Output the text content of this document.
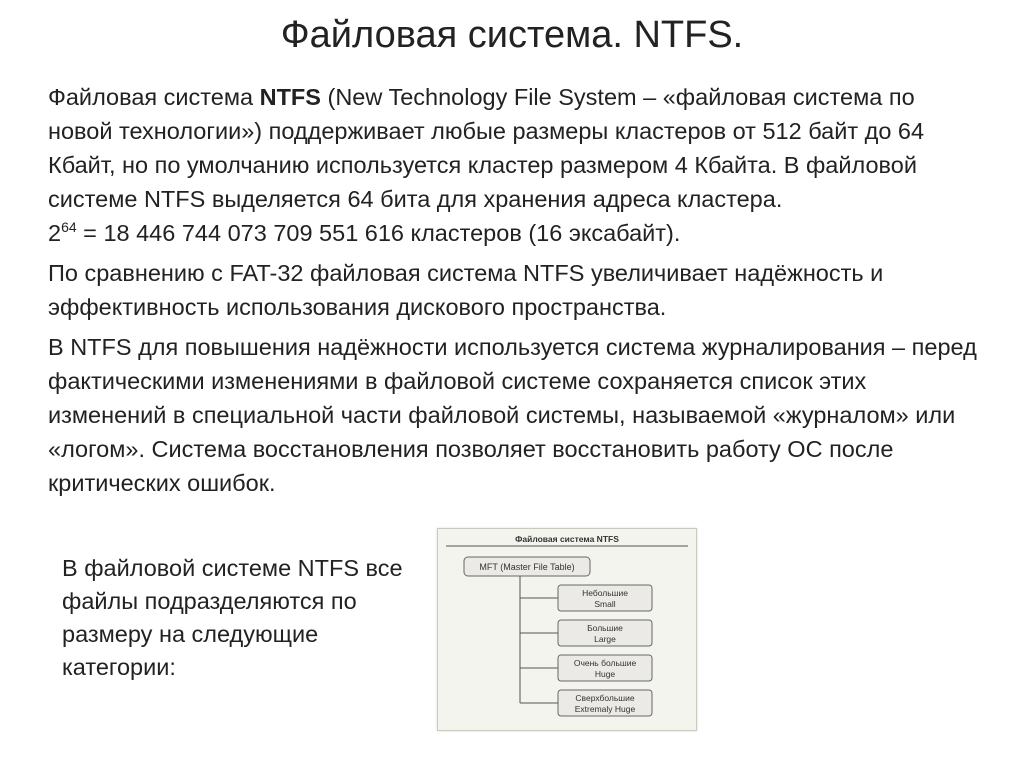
Файловая система. NTFS.

Файловая система NTFS (New Technology File System – «файловая система по новой технологии») поддерживает любые размеры кластеров от 512 байт до 64 Кбайт, но по умолчанию используется кластер размером 4 Кбайта. В файловой системе NTFS выделяется 64 бита для хранения адреса кластера.
$2^{64} = 18$ 446 744 073 709 551 616 кластеров (16 эксабайт).

По сравнению с FAT-32 файловая система NTFS увеличивает надёжность и эффективность использования дискового пространства.

В NTFS для повышения надёжности используется система журналирования – перед фактическими изменениями в файловой системе сохраняется список этих изменений в специальной части файловой системы, называемой «журналом» или «логом». Система восстановления позволяет восстановить работу ОС после критических ошибок.

В файловой системе NTFS все файлы подразделяются по размеру на следующие категории:
Файловая система NTFS
MFT (Master File Table)
Небольшие
Small
Большие
Large
Очень большие
Huge
Сверхбольшие
Extremaly Huge
